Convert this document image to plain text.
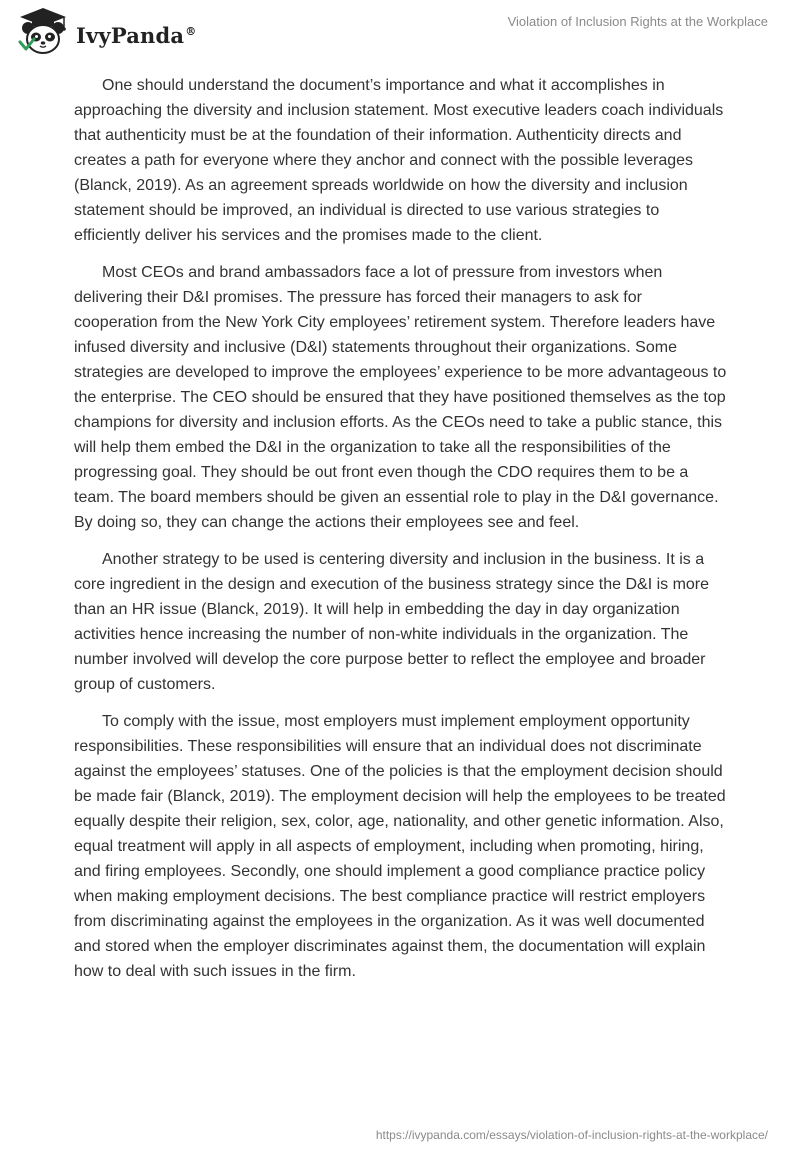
IvyPanda®
Violation of Inclusion Rights at the Workplace

One should understand the document’s importance and what it accomplishes in approaching the diversity and inclusion statement. Most executive leaders coach individuals that authenticity must be at the foundation of their information. Authenticity directs and creates a path for everyone where they anchor and connect with the possible leverages (Blanck, 2019). As an agreement spreads worldwide on how the diversity and inclusion statement should be improved, an individual is directed to use various strategies to efficiently deliver his services and the promises made to the client.

Most CEOs and brand ambassadors face a lot of pressure from investors when delivering their D&I promises. The pressure has forced their managers to ask for cooperation from the New York City employees’ retirement system. Therefore leaders have infused diversity and inclusive (D&I) statements throughout their organizations. Some strategies are developed to improve the employees’ experience to be more advantageous to the enterprise. The CEO should be ensured that they have positioned themselves as the top champions for diversity and inclusion efforts. As the CEOs need to take a public stance, this will help them embed the D&I in the organization to take all the responsibilities of the progressing goal. They should be out front even though the CDO requires them to be a team. The board members should be given an essential role to play in the D&I governance. By doing so, they can change the actions their employees see and feel.

Another strategy to be used is centering diversity and inclusion in the business. It is a core ingredient in the design and execution of the business strategy since the D&I is more than an HR issue (Blanck, 2019). It will help in embedding the day in day organization activities hence increasing the number of non-white individuals in the organization. The number involved will develop the core purpose better to reflect the employee and broader group of customers.

To comply with the issue, most employers must implement employment opportunity responsibilities. These responsibilities will ensure that an individual does not discriminate against the employees’ statuses. One of the policies is that the employment decision should be made fair (Blanck, 2019). The employment decision will help the employees to be treated equally despite their religion, sex, color, age, nationality, and other genetic information. Also, equal treatment will apply in all aspects of employment, including when promoting, hiring, and firing employees. Secondly, one should implement a good compliance practice policy when making employment decisions. The best compliance practice will restrict employers from discriminating against the employees in the organization. As it was well documented and stored when the employer discriminates against them, the documentation will explain how to deal with such issues in the firm.

https://ivypanda.com/essays/violation-of-inclusion-rights-at-the-workplace/
